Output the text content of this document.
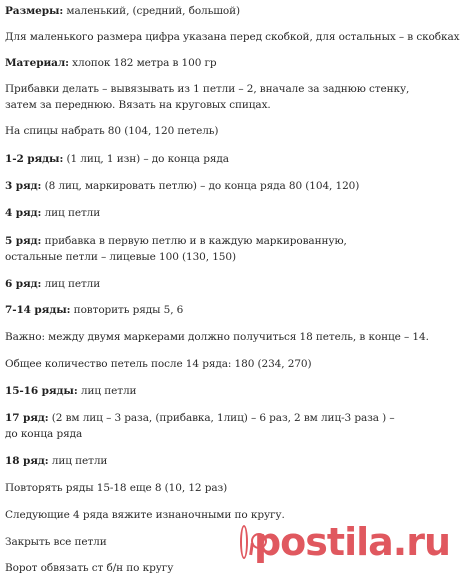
Размеры: маленький, (средний, большой)
Для маленького размера цифра указана перед скобкой, для остальных – в скобках
Материал: хлопок 182 метра в 100 гр
Прибавки делать – вывязывать из 1 петли – 2, вначале за заднюю стенку,
затем за переднюю. Вязать на круговых спицах.
На спицы набрать 80 (104, 120 петель)
1-2 ряды: (1 лиц, 1 изн) – до конца ряда
3 ряд: (8 лиц, маркировать петлю) – до конца ряда 80 (104, 120)
4 ряд: лиц петли
5 ряд: прибавка в первую петлю и в каждую маркированную,
остальные петли – лицевые 100 (130, 150)
6 ряд: лиц петли
7-14 ряды: повторить ряды 5, 6
Важно: между двумя маркерами должно получиться 18 петель, в конце – 14.
Общее количество петель после 14 ряда: 180 (234, 270)
15-16 ряды: лиц петли
17 ряд: (2 вм лиц – 3 раза, (прибавка, 1лиц) – 6 раз, 2 вм лиц-3 раза ) –
до конца ряда
18 ряд: лиц петли
Повторять ряды 15-18 еще 8 (10, 12 раз)
Следующие 4 ряда вяжите изнаночными по кругу.
Закрыть все петли
Ворот обвязать ст б/н по кругу
postila.ru
